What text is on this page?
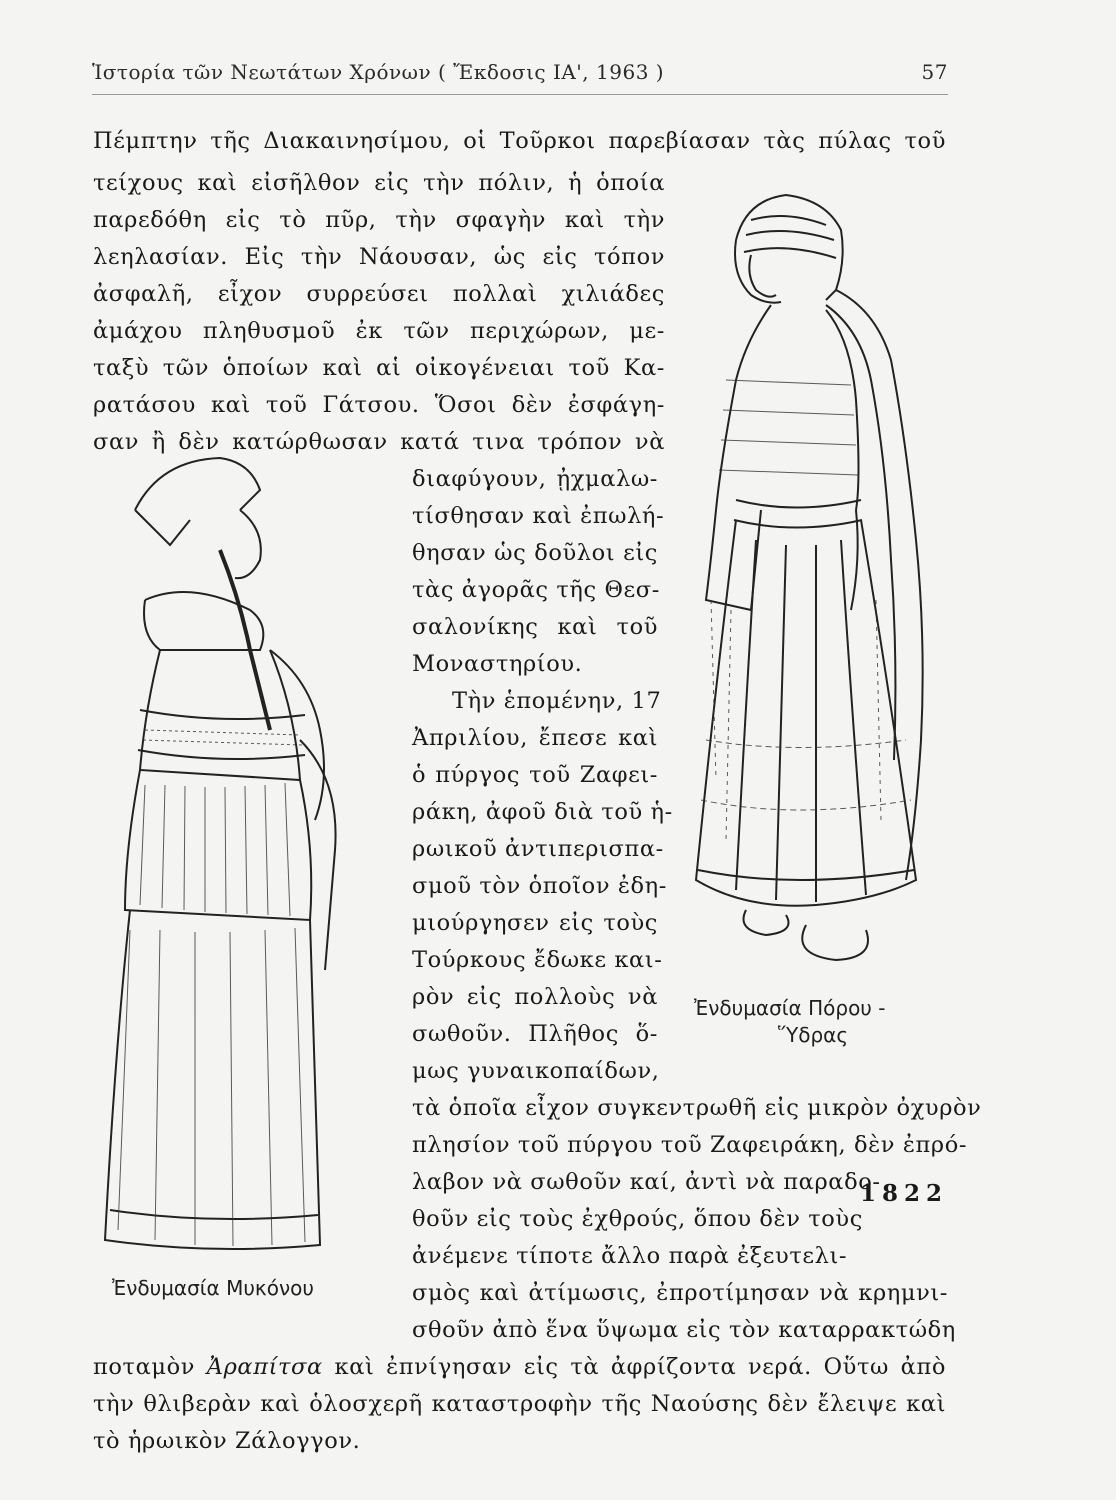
Ἱστορία τῶν Νεωτάτων Χρόνων ( Ἔκδοσις ΙΑ', 1963 )	57
Πέμπτην τῆς Διακαινησίμου, οἱ Τοῦρκοι παρεβίασαν τὰς πύλας τοῦ
τείχους καὶ εἰσῆλθον εἰς τὴν πόλιν, ἡ ὁποία
παρεδόθη εἰς τὸ πῦρ, τὴν σφαγὴν καὶ τὴν
λεηλασίαν. Εἰς τὴν Νάουσαν, ὡς εἰς τόπον
ἀσφαλῆ, εἶχον συρρεύσει πολλαὶ χιλιάδες
ἀμάχου πληθυσμοῦ ἐκ τῶν περιχώρων, με-
ταξὺ τῶν ὁποίων καὶ αἱ οἰκογένειαι τοῦ Κα-
ρατάσου καὶ τοῦ Γάτσου. Ὅσοι δὲν ἐσφάγη-
σαν ἢ δὲν κατώρθωσαν κατά τινα τρόπον νὰ
διαφύγουν, ᾐχμαλω-
τίσθησαν καὶ ἐπωλή-
θησαν ὡς δοῦλοι εἰς
τὰς ἀγορᾶς τῆς Θεσ-
σαλονίκης καὶ τοῦ
Μοναστηρίου.
Τὴν ἑπομένην, 17
Ἀπριλίου, ἔπεσε καὶ
ὁ πύργος τοῦ Ζαφει-
ράκη, ἀφοῦ διὰ τοῦ ἡ-
ρωικοῦ ἀντιπερισπα-
σμοῦ τὸν ὁποῖον ἐδη-
μιούργησεν εἰς τοὺς
Τούρκους ἔδωκε και-
ρὸν εἰς πολλοὺς νὰ
σωθοῦν. Πλῆθος ὅ-
μως γυναικοπαίδων,
τὰ ὁποῖα εἶχον συγκεντρωθῆ εἰς μικρὸν ὀχυρὸν
πλησίον τοῦ πύργου τοῦ Ζαφειράκη, δὲν ἐπρό-
λαβον νὰ σωθοῦν καί, ἀντὶ νὰ παραδο-
θοῦν εἰς τοὺς ἐχθρούς, ὅπου δὲν τοὺς
ἀνέμενε τίποτε ἄλλο παρὰ ἐξευτελι-
σμὸς καὶ ἀτίμωσις, ἐπροτίμησαν νὰ κρημνι-
σθοῦν ἀπὸ ἕνα ὕψωμα εἰς τὸν καταρρακτώδη
ποταμὸν Ἀραπίτσα καὶ ἐπνίγησαν εἰς τὰ ἀφρίζοντα νερά. Οὕτω ἀπὸ
τὴν θλιβερὰν καὶ ὁλοσχερῆ καταστροφὴν τῆς Ναούσης δὲν ἔλειψε καὶ
τὸ ἡρωικὸν Ζάλογγον.
1822
Ἐνδυμασία Πόρου -
Ὕδρας
Ἐνδυμασία Μυκόνου
